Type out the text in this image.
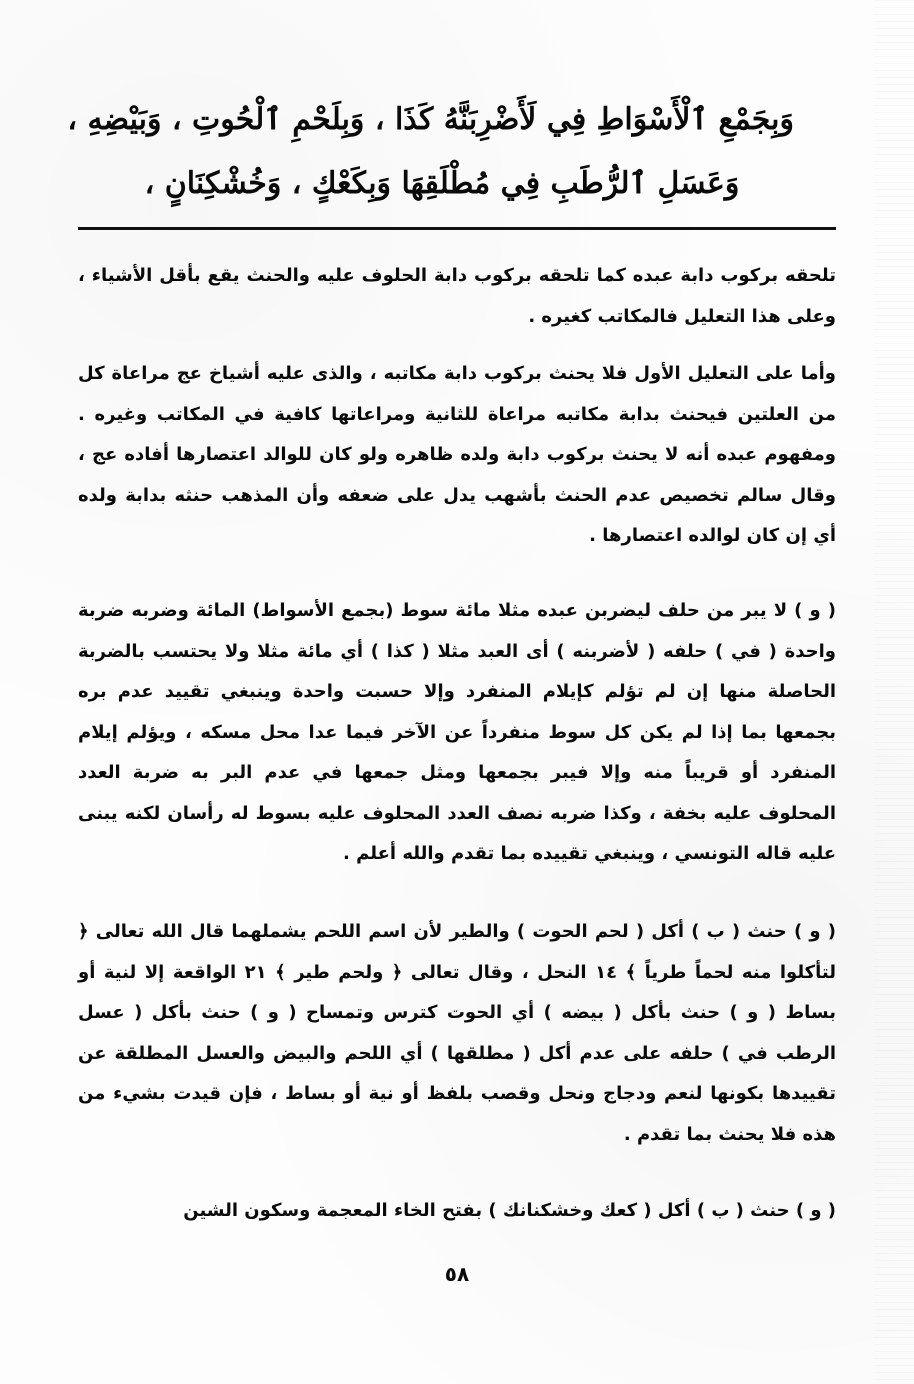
وَبِجَمْعِ ٱلْأَسْوَاطِ فِي لَأَضْرِبَنَّهُ كَذَا ، وَبِلَحْمِ ٱلْحُوتِ ، وَبَيْضِهِ ،
وَعَسَلِ ٱلرُّطَبِ فِي مُطْلَقِهَا وَبِكَعْكٍ ، وَخُشْكِنَانٍ ،
تلحقه بركوب دابة عبده كما تلحقه بركوب دابة الحلوف عليه والحنث يقع بأقل الأشياء ، وعلى هذا التعليل فالمكاتب كغيره .
وأما على التعليل الأول فلا يحنث بركوب دابة مكاتبه ، والذى عليه أشياخ عج مراعاة كل من العلتين فيحنث بدابة مكاتبه مراعاة للثانية ومراعاتها كافية في المكاتب وغيره . ومفهوم عبده أنه لا يحنث بركوب دابة ولده ظاهره ولو كان للوالد اعتصارها أفاده عج ، وقال سالم تخصيص عدم الحنث بأشهب يدل على ضعفه وأن المذهب حنثه بدابة ولده أي إن كان لوالده اعتصارها .
( و ) لا يبر من حلف ليضربن عبده مثلا مائة سوط (بجمع الأسواط) المائة وضربه ضربة واحدة ( في ) حلفه ( لأضربنه ) أى العبد مثلا ( كذا ) أي مائة مثلا ولا يحتسب بالضربة الحاصلة منها إن لم تؤلم كإيلام المنفرد وإلا حسبت واحدة وينبغي تقييد عدم بره بجمعها بما إذا لم يكن كل سوط منفرداً عن الآخر فيما عدا محل مسكه ، ويؤلم إيلام المنفرد أو قريباً منه وإلا فيبر بجمعها ومثل جمعها في عدم البر به ضربة العدد المحلوف عليه بخفة ، وكذا ضربه نصف العدد المحلوف عليه بسوط له رأسان لكنه يبنى عليه قاله التونسي ، وينبغي تقييده بما تقدم والله أعلم .
( و ) حنث ( ب ) أكل ( لحم الحوت ) والطير لأن اسم اللحم يشملهما قال الله تعالى ﴿ لتأكلوا منه لحماً طرياً ﴾ ١٤ النحل ، وقال تعالى ﴿ ولحم طير ﴾ ٢١ الواقعة إلا لنية أو بساط ( و ) حنث بأكل ( بيضه ) أي الحوت كترس وتمساح ( و ) حنث بأكل ( عسل الرطب في ) حلفه على عدم أكل ( مطلقها ) أي اللحم والبيض والعسل المطلقة عن تقييدها بكونها لنعم ودجاج ونحل وقصب بلفظ أو نية أو بساط ، فإن قيدت بشيء من هذه فلا يحنث بما تقدم .
( و ) حنث ( ب ) أكل ( كعك وخشكنانك ) بفتح الخاء المعجمة وسكون الشين
٥٨
